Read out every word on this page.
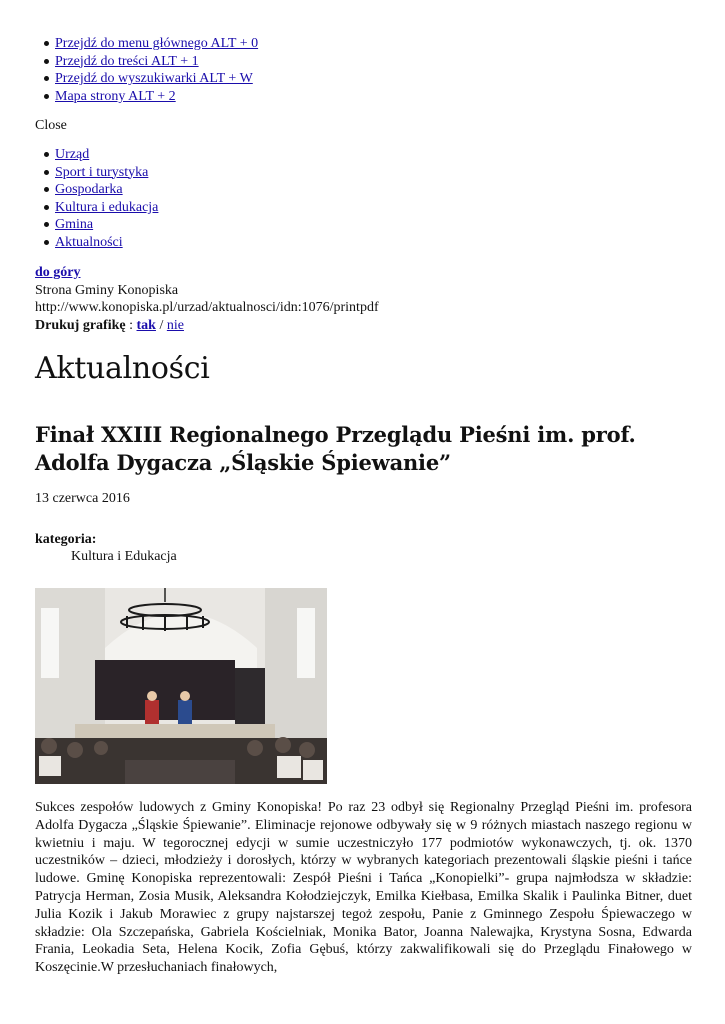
Przejdź do menu głównego ALT + 0
Przejdź do treści ALT + 1
Przejdź do wyszukiwarki ALT + W
Mapa strony ALT + 2
Close
Urząd
Sport i turystyka
Gospodarka
Kultura i edukacja
Gmina
Aktualności
do góry
Strona Gminy Konopiska
http://www.konopiska.pl/urzad/aktualnosci/idn:1076/printpdf
Drukuj grafikę : tak / nie
Aktualności
Finał XXIII Regionalnego Przeglądu Pieśni im. prof. Adolfa Dygacza „Śląskie Śpiewanie”
13 czerwca 2016
kategoria:
Kultura i Edukacja

Sukces zespołów ludowych z Gminy Konopiska! Po raz 23 odbył się Regionalny Przegląd Pieśni im. profesora Adolfa Dygacza „Śląskie Śpiewanie”. Eliminacje rejonowe odbywały się w 9 różnych miastach naszego regionu w kwietniu i maju. W tegorocznej edycji w sumie uczestniczyło 177 podmiotów wykonawczych, tj. ok. 1370 uczestników – dzieci, młodzieży i dorosłych, którzy w wybranych kategoriach prezentowali śląskie pieśni i tańce ludowe. Gminę Konopiska reprezentowali: Zespół Pieśni i Tańca „Konopielki”- grupa najmłodsza w składzie: Patrycja Herman, Zosia Musik, Aleksandra Kołodziejczyk, Emilka Kiełbasa, Emilka Skalik i Paulinka Bitner, duet Julia Kozik i Jakub Morawiec z grupy najstarszej tegoż zespołu, Panie z Gminnego Zespołu Śpiewaczego w składzie: Ola Szczepańska, Gabriela Kościelniak, Monika Bator, Joanna Nalewajka, Krystyna Sosna, Edwarda Frania, Leokadia Seta, Helena Kocik, Zofia Gębuś, którzy zakwalifikowali się do Przeglądu Finałowego w Koszęcinie.W przesłuchaniach finałowych,
